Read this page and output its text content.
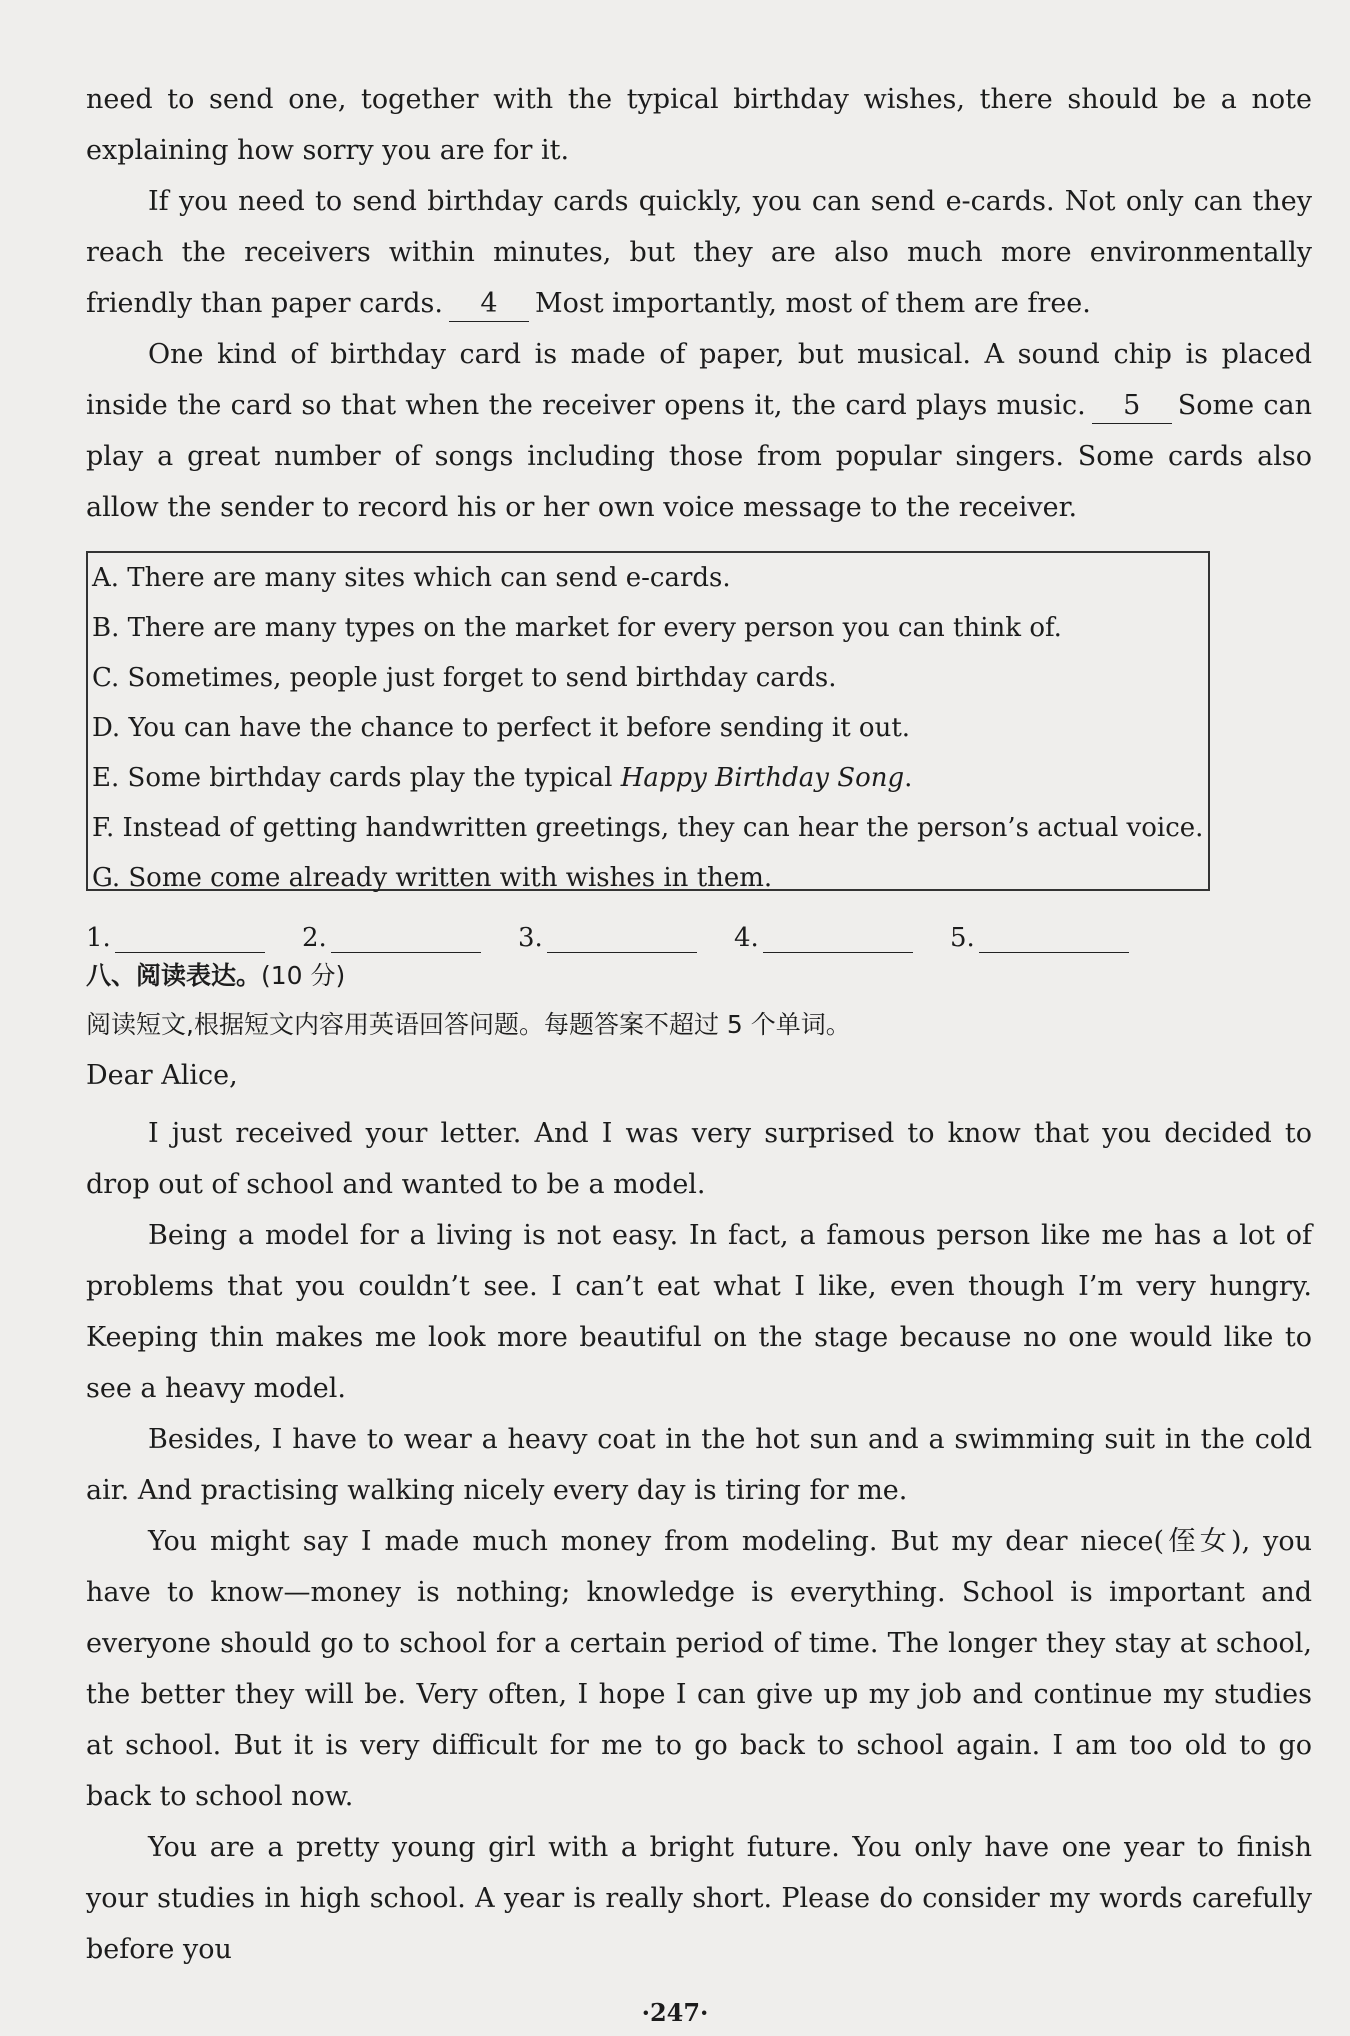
need to send one, together with the typical birthday wishes, there should be a note explaining how sorry you are for it.

If you need to send birthday cards quickly, you can send e-cards. Not only can they reach the receivers within minutes, but they are also much more environmentally friendly than paper cards. 4 Most importantly, most of them are free.

One kind of birthday card is made of paper, but musical. A sound chip is placed inside the card so that when the receiver opens it, the card plays music. 5 Some can play a great number of songs including those from popular singers. Some cards also allow the sender to record his or her own voice message to the receiver.

A. There are many sites which can send e-cards.
B. There are many types on the market for every person you can think of.
C. Sometimes, people just forget to send birthday cards.
D. You can have the chance to perfect it before sending it out.
E. Some birthday cards play the typical Happy Birthday Song.
F. Instead of getting handwritten greetings, they can hear the person’s actual voice.
G. Some come already written with wishes in them.
1.	2.	3.	4.	5.
八、阅读表达。(10 分)
阅读短文,根据短文内容用英语回答问题。每题答案不超过 5 个单词。
Dear Alice,

I just received your letter. And I was very surprised to know that you decided to drop out of school and wanted to be a model.

Being a model for a living is not easy. In fact, a famous person like me has a lot of problems that you couldn’t see. I can’t eat what I like, even though I’m very hungry. Keeping thin makes me look more beautiful on the stage because no one would like to see a heavy model.

Besides, I have to wear a heavy coat in the hot sun and a swimming suit in the cold air. And practising walking nicely every day is tiring for me.

You might say I made much money from modeling. But my dear niece(侄女), you have to know—money is nothing; knowledge is everything. School is important and everyone should go to school for a certain period of time. The longer they stay at school, the better they will be. Very often, I hope I can give up my job and continue my studies at school. But it is very difficult for me to go back to school again. I am too old to go back to school now.

You are a pretty young girl with a bright future. You only have one year to finish your studies in high school. A year is really short. Please do consider my words carefully before you

·247·
